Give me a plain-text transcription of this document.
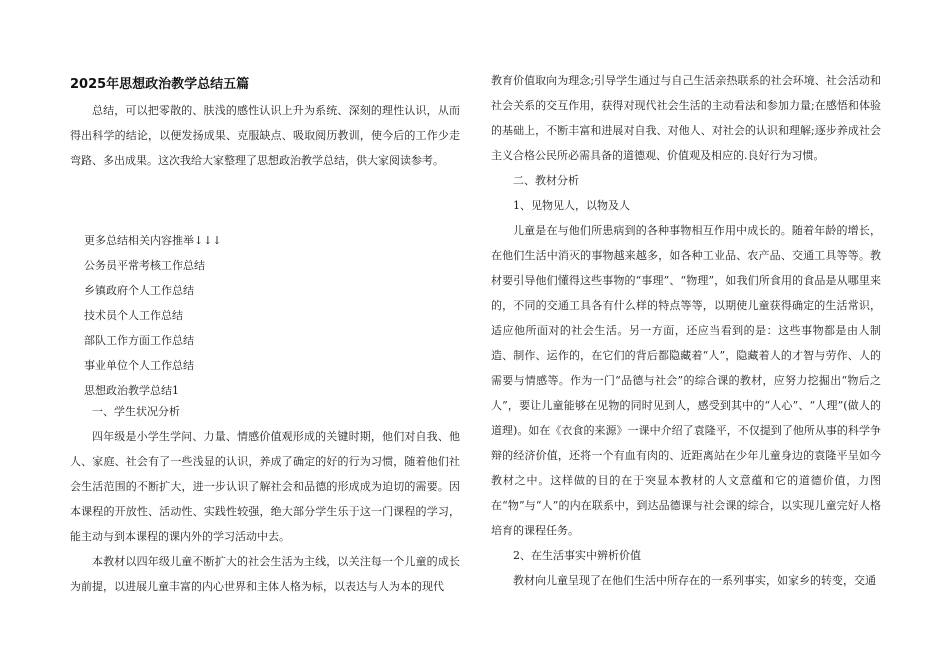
2025年思想政治教学总结五篇

总结，可以把零散的、肤浅的感性认识上升为系统、深刻的理性认识，从而得出科学的结论，以便发扬成果、克服缺点、吸取阅历教训，使今后的工作少走弯路、多出成果。这次我给大家整理了思想政治教学总结，供大家阅读参考。

更多总结相关内容推举↓↓↓

公务员平常考核工作总结

乡镇政府个人工作总结

技术员个人工作总结

部队工作方面工作总结

事业单位个人工作总结

思想政治教学总结1

一、学生状况分析

四年级是小学生学问、力量、情感价值观形成的关键时期，他们对自我、他人、家庭、社会有了一些浅显的认识，养成了确定的好的行为习惯，随着他们社会生活范围的不断扩大，进一步认识了解社会和品德的形成成为迫切的需要。因本课程的开放性、活动性、实践性较强，绝大部分学生乐于这一门课程的学习，能主动与到本课程的课内外的学习活动中去。

本教材以四年级儿童不断扩大的社会生活为主线，以关注每一个儿童的成长为前提，以进展儿童丰富的内心世界和主体人格为标，以表达与人为本的现代

教育价值取向为理念;引导学生通过与自己生活亲热联系的社会环境、社会活动和社会关系的交互作用，获得对现代社会生活的主动看法和参加力量;在感悟和体验的基础上，不断丰富和进展对自我、对他人、对社会的认识和理解;逐步养成社会主义合格公民所必需具备的道德观、价值观及相应的.良好行为习惯。

二、教材分析

1、见物见人，以物及人

儿童是在与他们所患病到的各种事物相互作用中成长的。随着年龄的增长，在他们生活中消灭的事物越来越多，如各种工业品、农产品、交通工具等等。教材要引导他们懂得这些事物的“事理”、“物理”，如我们所食用的食品是从哪里来的，不同的交通工具各有什么样的特点等等，以期使儿童获得确定的生活常识，适应他所面对的社会生活。另一方面，还应当看到的是：这些事物都是由人制造、制作、运作的，在它们的背后都隐藏着“人”，隐藏着人的才智与劳作、人的需要与情感等。作为一门“品德与社会”的综合课的教材，应努力挖掘出“物后之人”，要让儿童能够在见物的同时见到人，感受到其中的“人心”、“人理”(做人的道理)。如在《衣食的来源》一课中介绍了袁隆平，不仅提到了他所从事的科学争辩的经济价值，还将一个有血有肉的、近距离站在少年儿童身边的袁隆平呈如今教材之中。这样做的目的在于突显本教材的人文意蕴和它的道德价值，力图在“物”与“人”的内在联系中，到达品德课与社会课的综合，以实现儿童完好人格培育的课程任务。

2、在生活事实中辨析价值

教材向儿童呈现了在他们生活中所存在的一系列事实，如家乡的转变，交通
